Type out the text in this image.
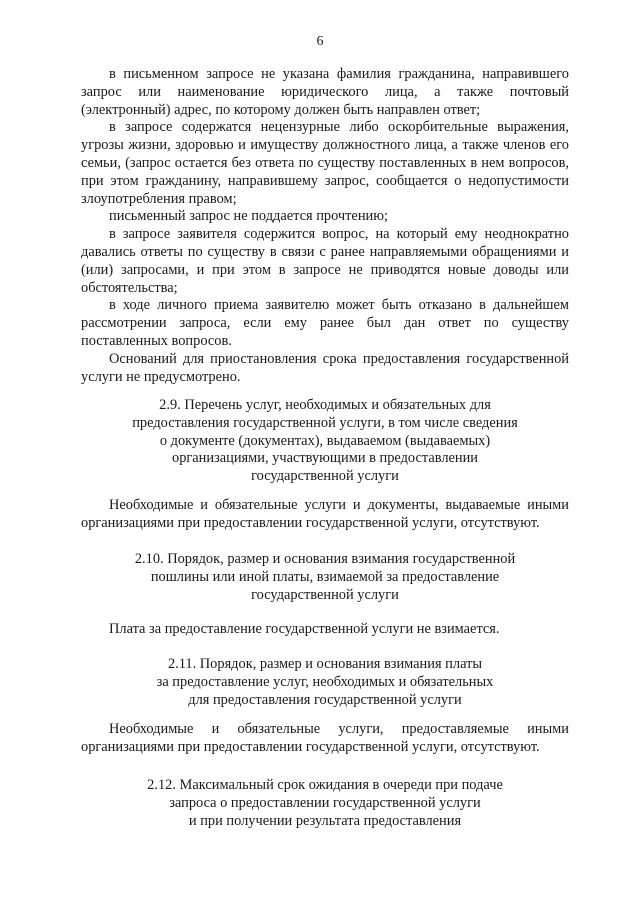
6

в письменном запросе не указана фамилия гражданина, направившего запрос или наименование юридического лица, а также почтовый (электронный) адрес, по которому должен быть направлен ответ;

в запросе содержатся нецензурные либо оскорбительные выражения, угрозы жизни, здоровью и имуществу должностного лица, а также членов его семьи, (запрос остается без ответа по существу поставленных в нем вопросов, при этом гражданину, направившему запрос, сообщается о недопустимости злоупотребления правом;

письменный запрос не поддается прочтению;

в запросе заявителя содержится вопрос, на который ему неоднократно давались ответы по существу в связи с ранее направляемыми обращениями и (или) запросами, и при этом в запросе не приводятся новые доводы или обстоятельства;

в ходе личного приема заявителю может быть отказано в дальнейшем рассмотрении запроса, если ему ранее был дан ответ по существу поставленных вопросов.

Оснований для приостановления срока предоставления государственной услуги не предусмотрено.

2.9. Перечень услуг, необходимых и обязательных для
предоставления государственной услуги, в том числе сведения
о документе (документах), выдаваемом (выдаваемых)
организациями, участвующими в предоставлении
государственной услуги

Необходимые и обязательные услуги и документы, выдаваемые иными организациями при предоставлении государственной услуги, отсутствуют.

2.10. Порядок, размер и основания взимания государственной
пошлины или иной платы, взимаемой за предоставление
государственной услуги

Плата за предоставление государственной услуги не взимается.

2.11. Порядок, размер и основания взимания платы
за предоставление услуг, необходимых и обязательных
для предоставления государственной услуги

Необходимые и обязательные услуги, предоставляемые иными организациями при предоставлении государственной услуги, отсутствуют.

2.12. Максимальный срок ожидания в очереди при подаче
запроса о предоставлении государственной услуги
и при получении результата предоставления
